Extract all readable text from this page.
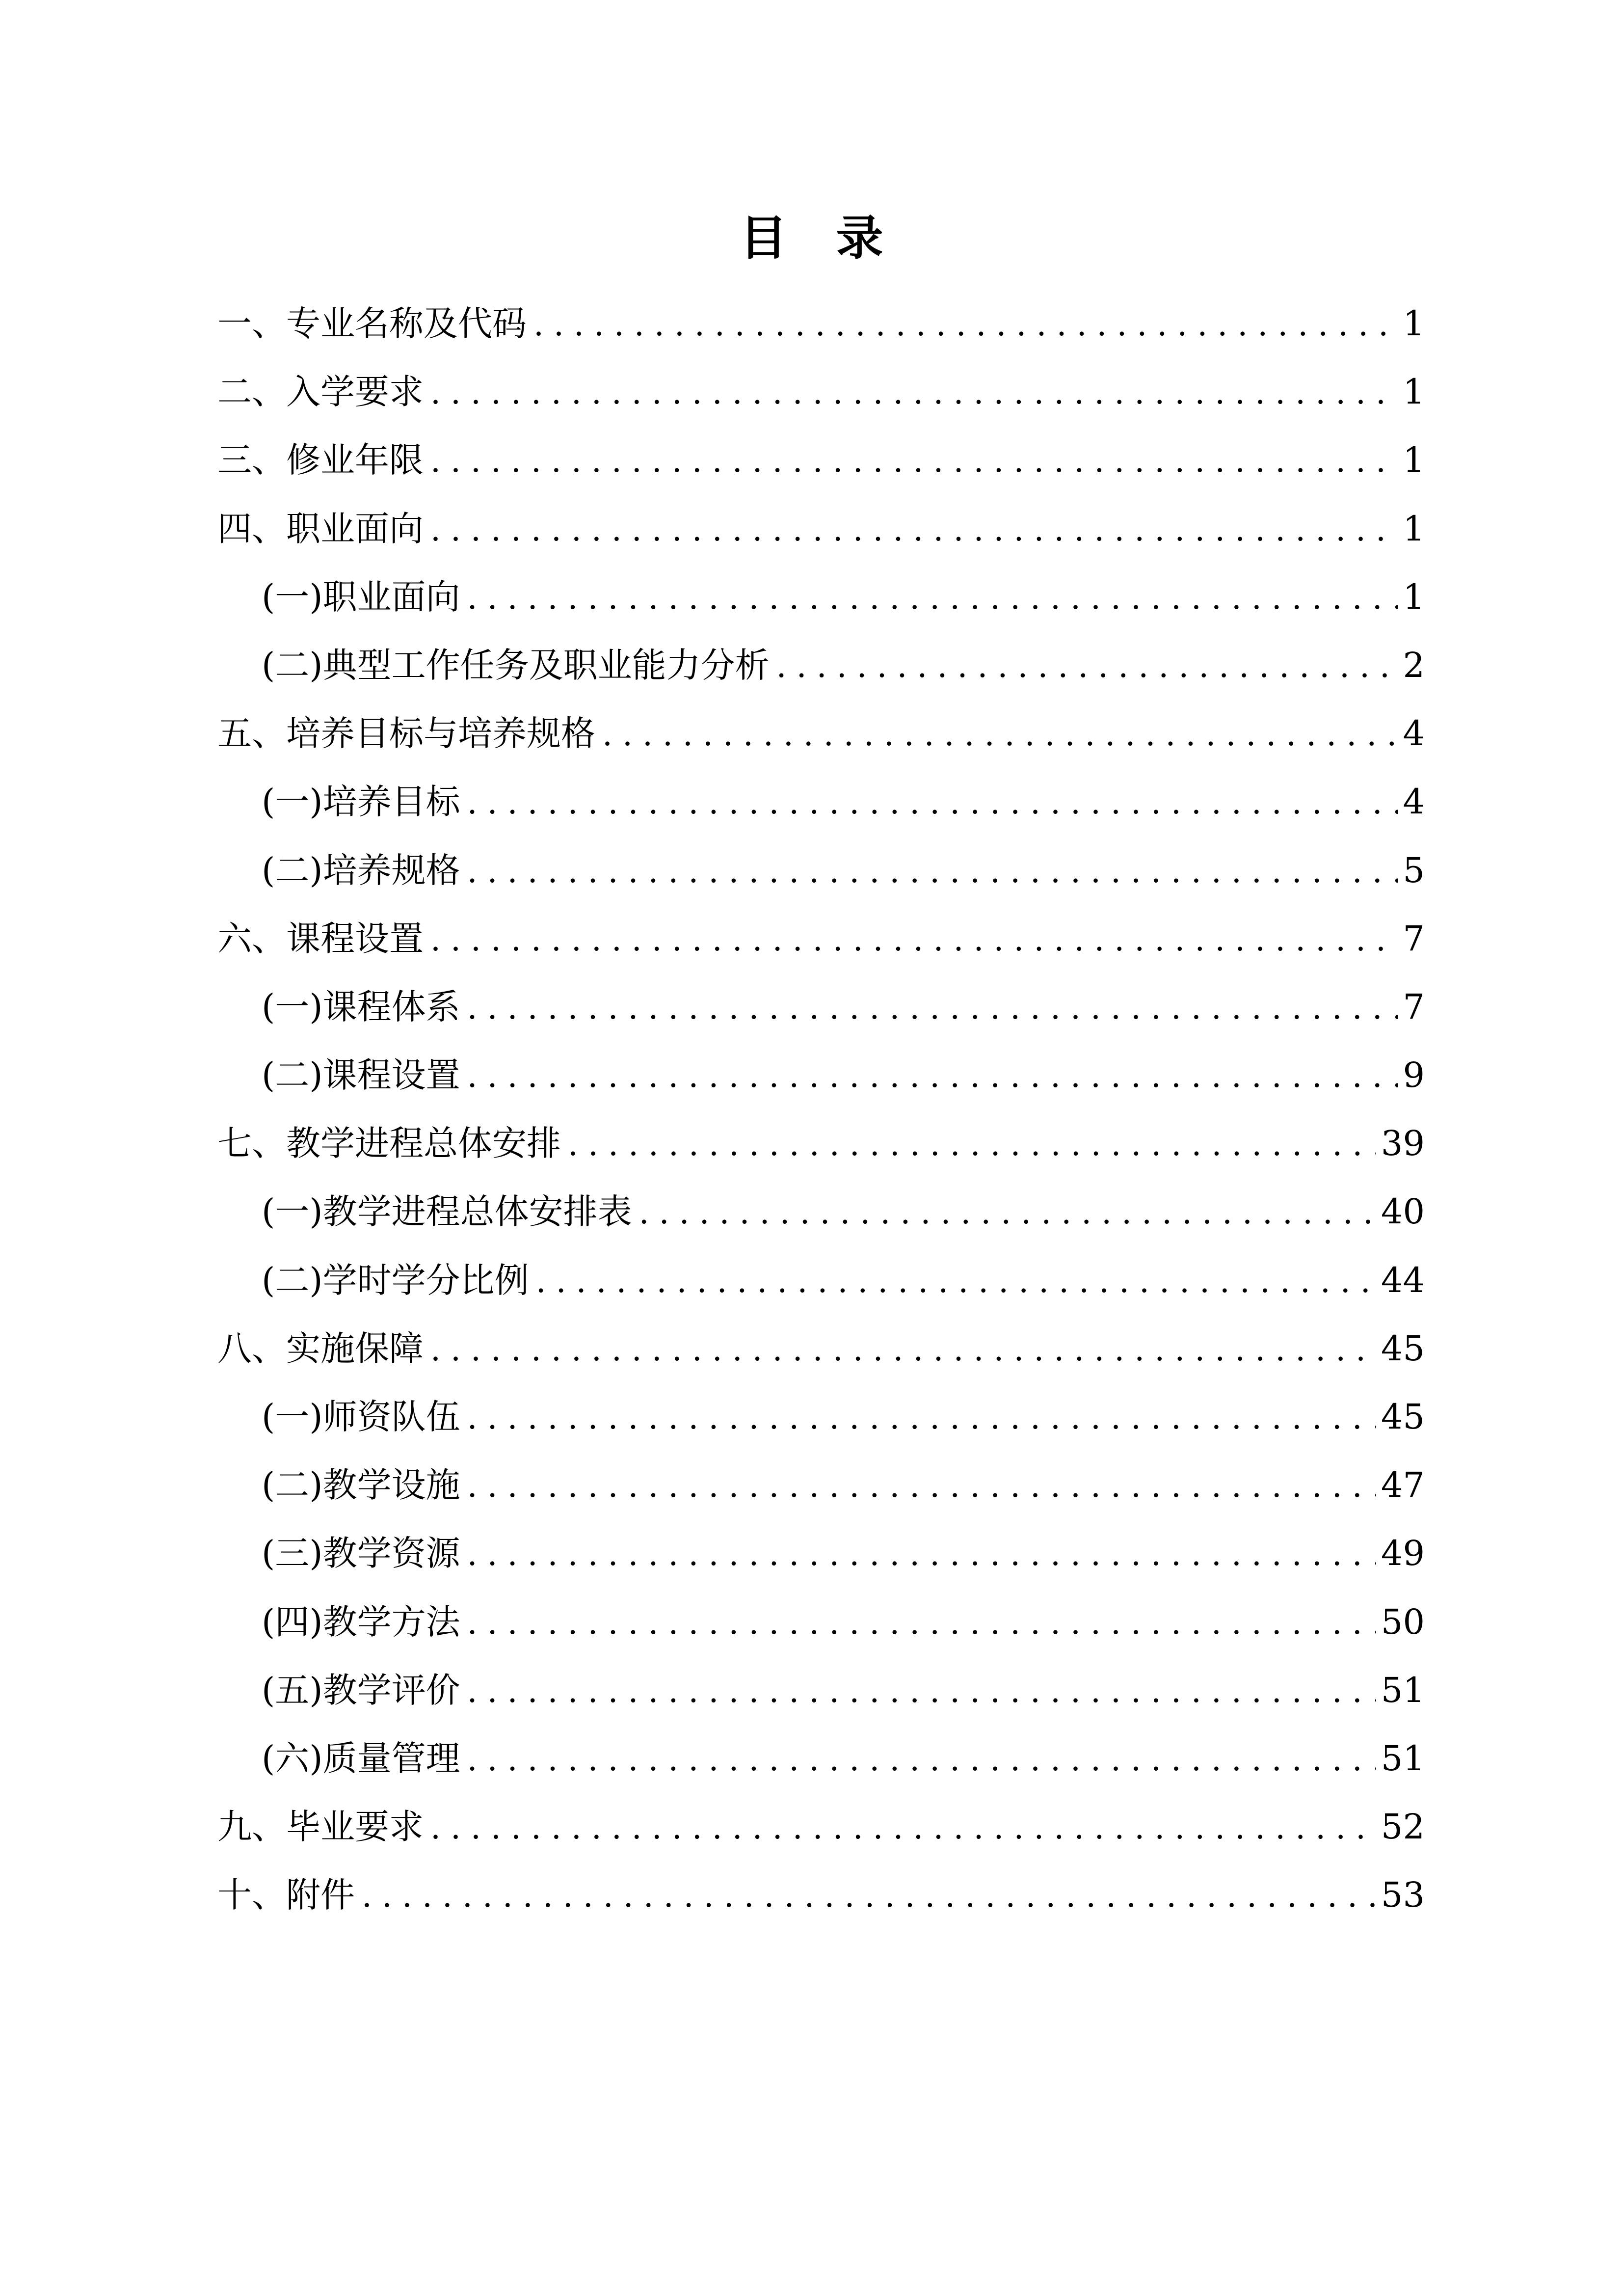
目 录
一、专业名称及代码 .....	1
二、入学要求 .....	1
三、修业年限 .....	1
四、职业面向 .....	1
(一)职业面向 .....	1
(二)典型工作任务及职业能力分析 .....	2
五、培养目标与培养规格 .....	4
(一)培养目标 .....	4
(二)培养规格 .....	5
六、课程设置 .....	7
(一)课程体系 .....	7
(二)课程设置 .....	9
七、教学进程总体安排 .....	39
(一)教学进程总体安排表 .....	40
(二)学时学分比例 .....	44
八、实施保障 .....	45
(一)师资队伍 .....	45
(二)教学设施 .....	47
(三)教学资源 .....	49
(四)教学方法 .....	50
(五)教学评价 .....	51
(六)质量管理 .....	51
九、毕业要求 .....	52
十、附件 .....	53
